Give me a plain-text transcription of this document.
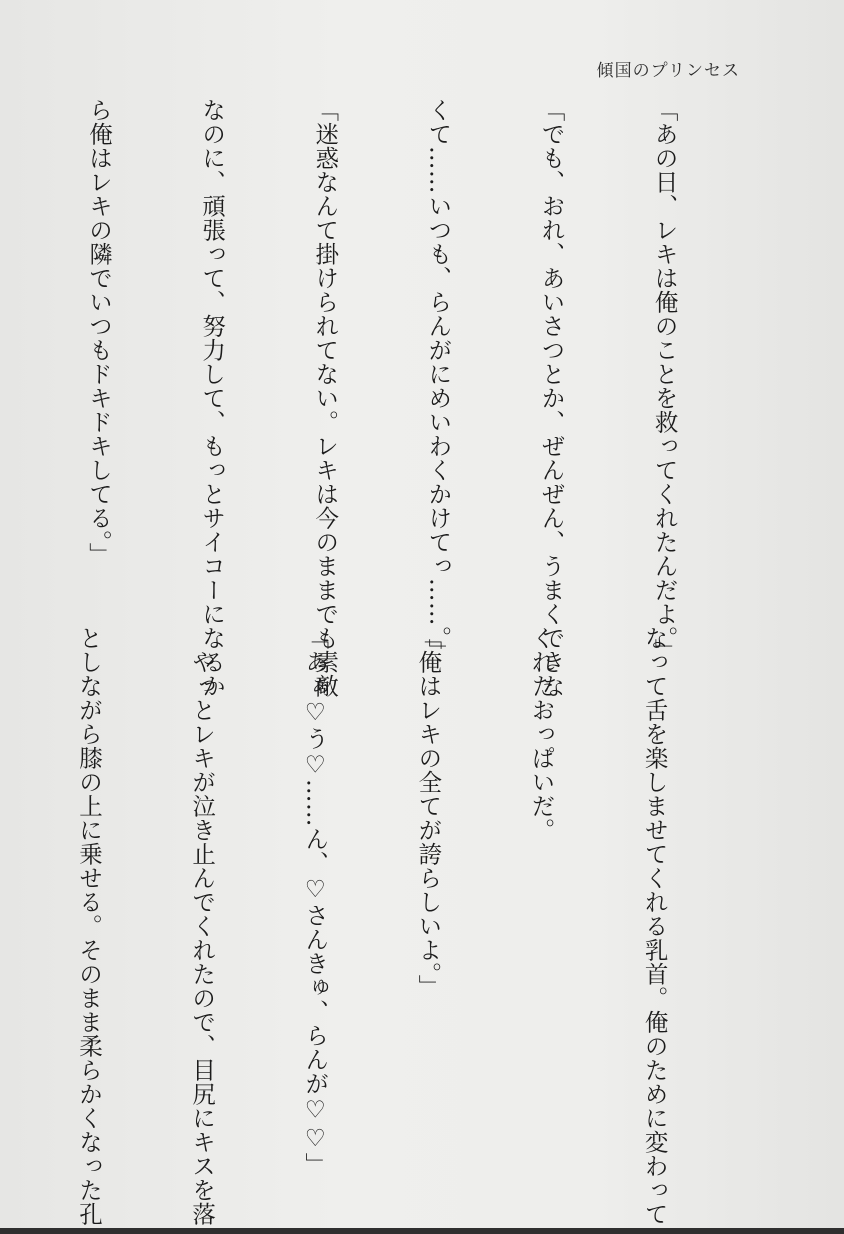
傾国のプリンセス

「あの日、レキは俺のことを救ってくれたんだよ。」

「でも、おれ、あいさつとか、ぜんぜん、うまくできな

くて……いつも、らんがにめいわくかけてっ……。」

「迷惑なんて掛けられてない。レキは今のままでも素敵

なのに、頑張って、努力して、もっとサイコーになるか

ら俺はレキの隣でいつもドキドキしてる。」

なって舌を楽しませてくれる乳首。俺のために変わって

くれたおっぱいだ。

「俺はレキの全てが誇らしいよ。」

「あぁ♡う♡……ん、♡さんきゅ、らんが♡♡」

　やっとレキが泣き止んでくれたので、目尻にキスを落

としながら膝の上に乗せる。そのまま柔らかくなった孔
